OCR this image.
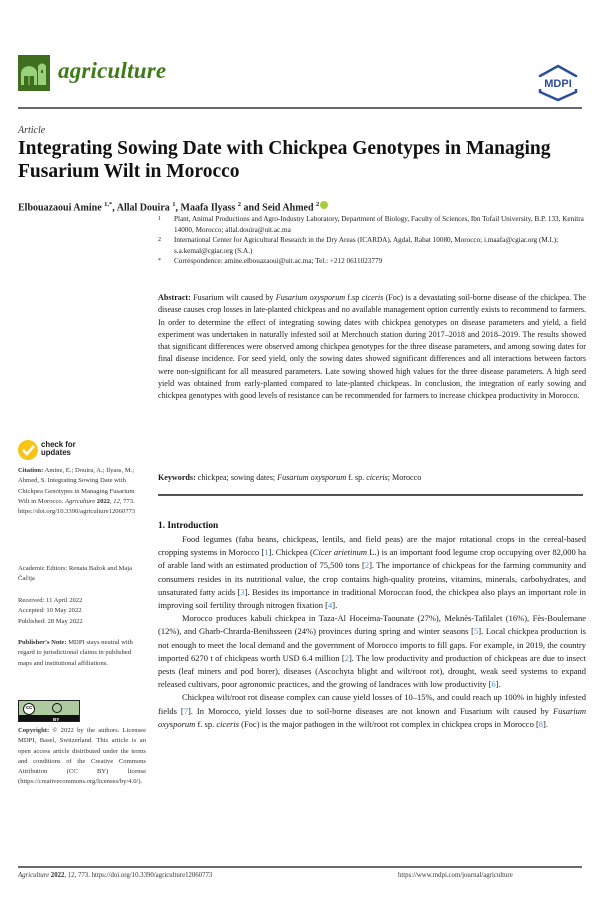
agriculture
MDPI
Article
Integrating Sowing Date with Chickpea Genotypes in Managing Fusarium Wilt in Morocco
Elbouazaoui Amine $^{1,*}$, Allal Douira $^1$, Maafa Ilyass $^2$ and Seid Ahmed $^2$
1 Plant, Animal Productions and Agro-Industry Laboratory, Department of Biology, Faculty of Sciences, Ibn Tofail University, B.P. 133, Kenitra 14000, Morocco; allal.douira@uit.ac.ma
2 International Center for Agricultural Research in the Dry Areas (ICARDA), Agdal, Rabat 10080, Morocco; i.maafa@cgiar.org (M.I.); s.a.kemal@cgiar.org (S.A.)
* Correspondence: amine.elbouazaoui@uit.ac.ma; Tel.: +212 0611023779
Abstract: Fusarium wilt caused by Fusarium oxysporum f.sp ciceris (Foc) is a devastating soil-borne disease of the chickpea. The disease causes crop losses in late-planted chickpeas and no available management option currently exists to recommend to farmers. In order to determine the effect of integrating sowing dates with chickpea genotypes on disease parameters and yield, a field experiment was undertaken in naturally infested soil at Merchouch station during 2017–2018 and 2018–2019. The results showed that significant differences were observed among chickpea genotypes for the three disease parameters, and among sowing dates for final disease incidence. For seed yield, only the sowing dates showed significant differences and all interactions between factors were non-significant for all measured parameters. Late sowing showed high values for the three disease parameters. A high seed yield was obtained from early-planted compared to late-planted chickpeas. In conclusion, the integration of early sowing and chickpea genotypes with good levels of resistance can be recommended for farmers to increase chickpea productivity in Morocco.
Keywords: chickpea; sowing dates; Fusarium oxysporum f. sp. ciceris; Morocco
1. Introduction

Food legumes (faba beans, chickpeas, lentils, and field peas) are the major rotational crops in the cereal-based cropping systems in Morocco [1]. Chickpea (Cicer arietinum L.) is an important food legume crop occupying over 82,000 ha of arable land with an estimated production of 75,500 tons [2]. The importance of chickpeas for the farming community and consumers resides in its nutritional value, the crop contains high-quality proteins, vitamins, minerals, carbohydrates, and unsaturated fatty acids [3]. Besides its importance in traditional Moroccan food, the chickpea also plays an important role in improving soil fertility through nitrogen fixation [4].

Morocco produces kabuli chickpea in Taza-Al Hoceima-Taounate (27%), Meknès-Tafilalet (16%), Fès-Boulemane (12%), and Gharb-Chrarda-Benihsseen (24%) provinces during spring and winter seasons [5]. Local chickpea production is not enough to meet the local demand and the government of Morocco imports to fill gaps. For example, in 2019, the country imported 6270 t of chickpeas worth USD 6.4 million [2]. The low productivity and production of chickpeas are due to insect pests (leaf miners and pod borer), diseases (Ascochyta blight and wilt/root rot), drought, weak seed systems to expand released cultivars, poor agronomic practices, and the growing of landraces with low productivity [6].

Chickpea wilt/root rot disease complex can cause yield losses of 10–15%, and could reach up 100% in highly infested fields [7]. In Morocco, yield losses due to soil-borne diseases are not known and Fusarium wilt caused by Fusarium oxysporum f. sp. ciceris (Foc) is the major pathogen in the wilt/root rot complex in chickpea crops in Morocco [8].

check for
updates
Citation: Amine, E.; Douira, A.; Ilyass, M.; Ahmed, S. Integrating Sowing Date with Chickpea Genotypes in Managing Fusarium Wilt in Morocco. Agriculture 2022, 12, 773. https://doi.org/10.3390/agriculture12060773
Academic Editors: Renata Bažok and Maja Čačija
Received: 11 April 2022
Accepted: 10 May 2022
Published: 28 May 2022
Publisher's Note: MDPI stays neutral with regard to jurisdictional claims in published maps and institutional affiliations.
cc
BY
Copyright: © 2022 by the authors. Licensee MDPI, Basel, Switzerland. This article is an open access article distributed under the terms and conditions of the Creative Commons Attribution (CC BY) license (https://creativecommons.org/licenses/by/4.0/).
Agriculture 2022, 12, 773. https://doi.org/10.3390/agriculture12060773	https://www.mdpi.com/journal/agriculture
